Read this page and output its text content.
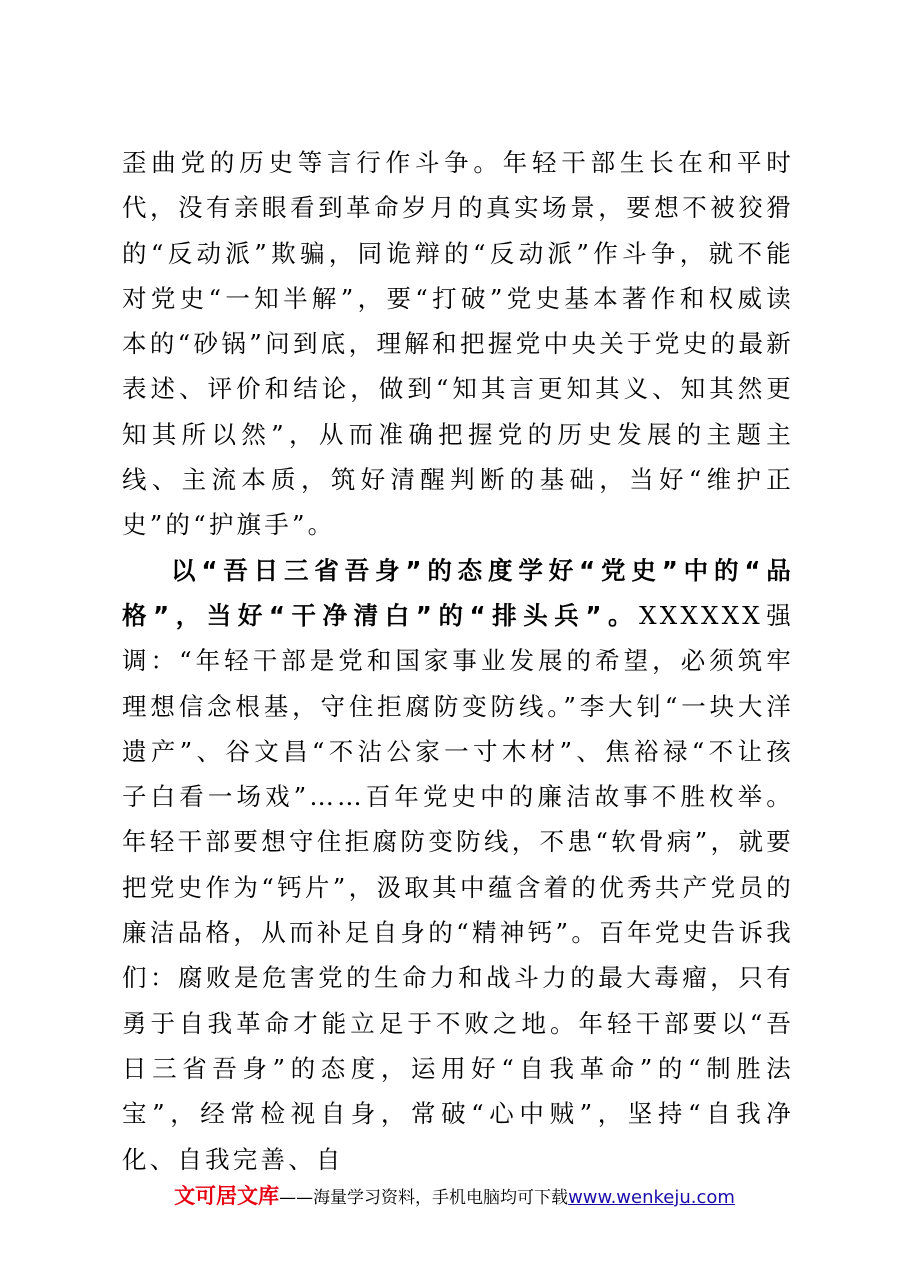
歪曲党的历史等言行作斗争。年轻干部生长在和平时代，没有亲眼看到革命岁月的真实场景，要想不被狡猾的“反动派”欺骗，同诡辩的“反动派”作斗争，就不能对党史“一知半解”，要“打破”党史基本著作和权威读本的“砂锅”问到底，理解和把握党中央关于党史的最新表述、评价和结论，做到“知其言更知其义、知其然更知其所以然”，从而准确把握党的历史发展的主题主线、主流本质，筑好清醒判断的基础，当好“维护正史”的“护旗手”。

以“吾日三省吾身”的态度学好“党史”中的“品格”，当好“干净清白”的“排头兵”。XXXXXX强调：“年轻干部是党和国家事业发展的希望，必须筑牢理想信念根基，守住拒腐防变防线。”李大钊“一块大洋遗产”、谷文昌“不沾公家一寸木材”、焦裕禄“不让孩子白看一场戏”……百年党史中的廉洁故事不胜枚举。年轻干部要想守住拒腐防变防线，不患“软骨病”，就要把党史作为“钙片”，汲取其中蕴含着的优秀共产党员的廉洁品格，从而补足自身的“精神钙”。百年党史告诉我们：腐败是危害党的生命力和战斗力的最大毒瘤，只有勇于自我革命才能立足于不败之地。年轻干部要以“吾日三省吾身”的态度，运用好“自我革命”的“制胜法宝”，经常检视自身，常破“心中贼”，坚持“自我净化、自我完善、自

文可居文库——海量学习资料，手机电脑均可下载www.wenkeju.com
